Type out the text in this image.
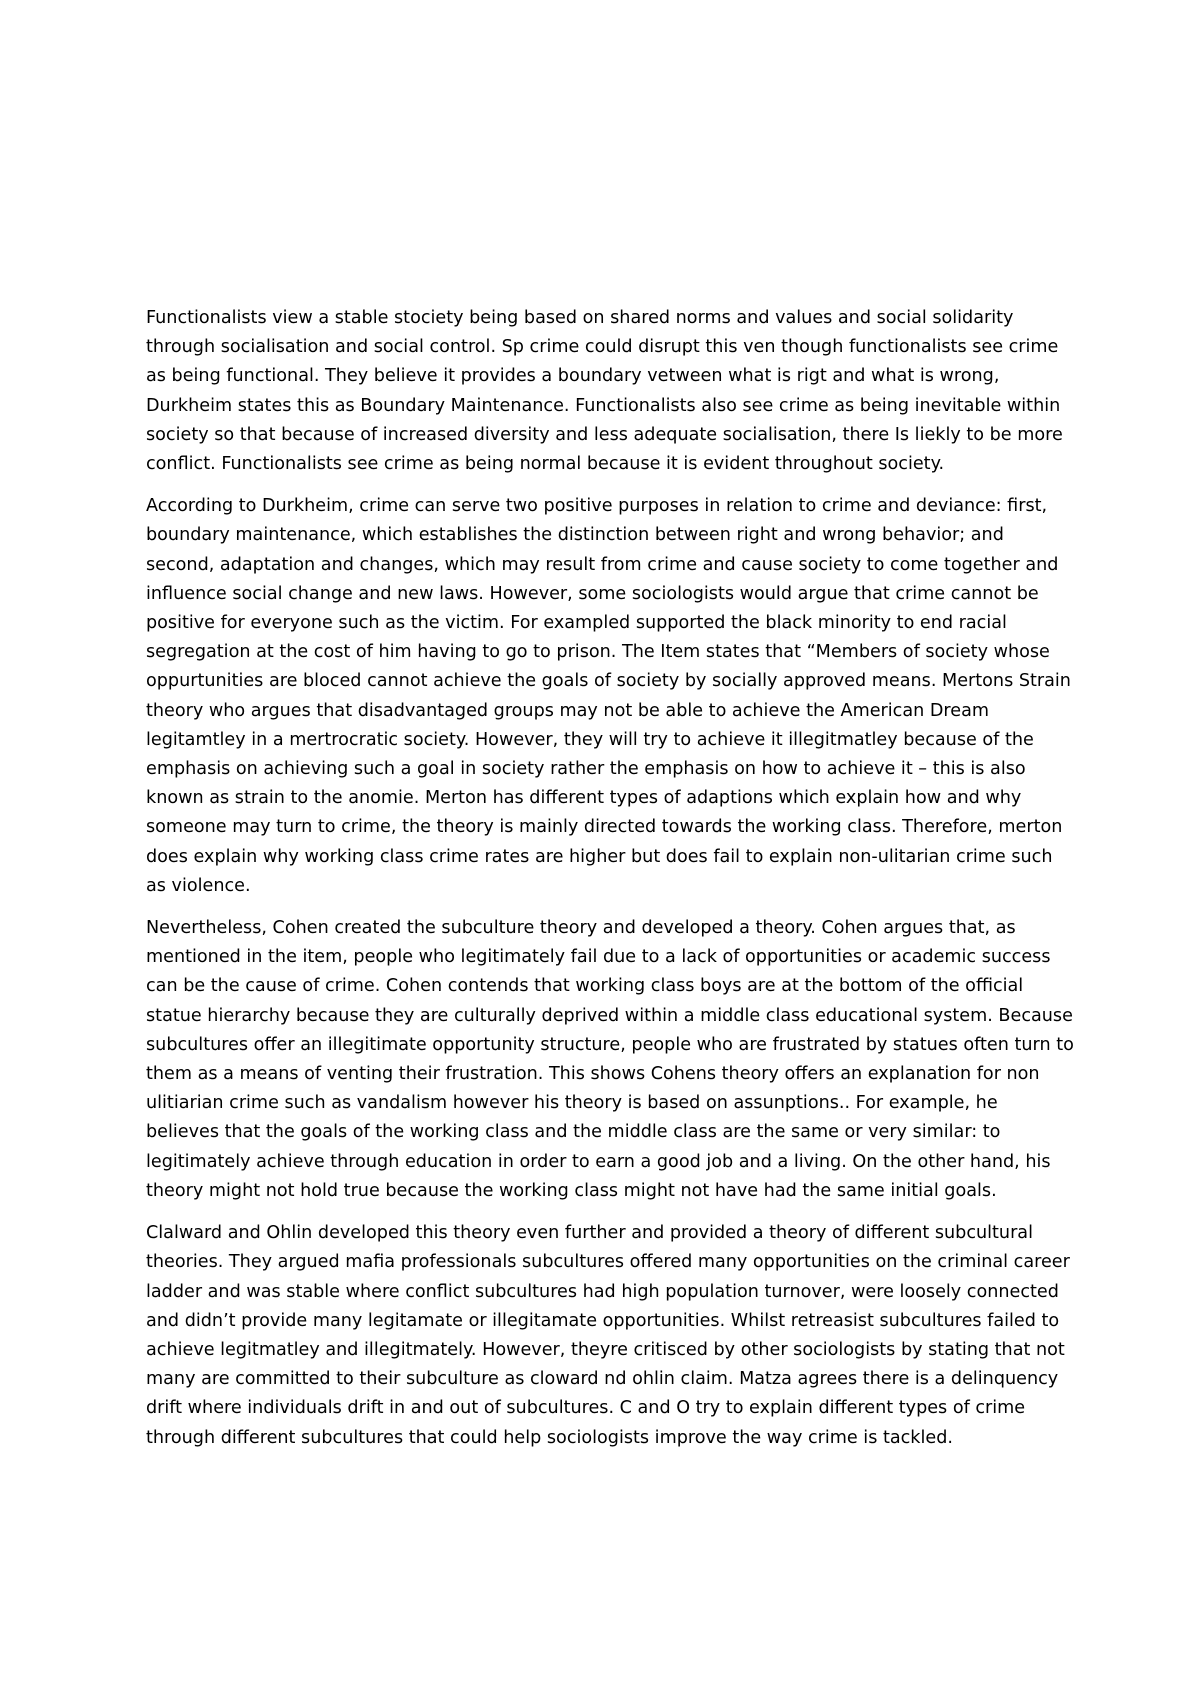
Functionalists view a stable stociety being based on shared norms and values and social solidarity through socialisation and social control. Sp crime could disrupt this ven though functionalists see crime as being functional. They believe it provides a boundary vetween what is rigt and what is wrong, Durkheim states this as Boundary Maintenance. Functionalists also see crime as being inevitable within society so that because of increased diversity and less adequate socialisation, there Is liekly to be more conflict. Functionalists see crime as being normal because it is evident throughout society.

According to Durkheim, crime can serve two positive purposes in relation to crime and deviance: first, boundary maintenance, which establishes the distinction between right and wrong behavior; and second, adaptation and changes, which may result from crime and cause society to come together and influence social change and new laws. However, some sociologists would argue that crime cannot be positive for everyone such as the victim. For exampled supported the black minority to end racial segregation at the cost of him having to go to prison. The Item states that “Members of society whose oppurtunities are bloced cannot achieve the goals of society by socially approved means. Mertons Strain theory who argues that disadvantaged groups may not be able to achieve the American Dream legitamtley in a mertrocratic society. However, they will try to achieve it illegitmatley because of the emphasis on achieving such a goal in society rather the emphasis on how to achieve it – this is also known as strain to the anomie. Merton has different types of adaptions which explain how and why someone may turn to crime, the theory is mainly directed towards the working class. Therefore, merton does explain why working class crime rates are higher but does fail to explain non-ulitarian crime such as violence.

Nevertheless, Cohen created the subculture theory and developed a theory. Cohen argues that, as mentioned in the item, people who legitimately fail due to a lack of opportunities or academic success can be the cause of crime. Cohen contends that working class boys are at the bottom of the official statue hierarchy because they are culturally deprived within a middle class educational system. Because subcultures offer an illegitimate opportunity structure, people who are frustrated by statues often turn to them as a means of venting their frustration. This shows Cohens theory offers an explanation for non ulitiarian crime such as vandalism however his theory is based on assunptions.. For example, he believes that the goals of the working class and the middle class are the same or very similar: to legitimately achieve through education in order to earn a good job and a living. On the other hand, his theory might not hold true because the working class might not have had the same initial goals.

Clalward and Ohlin developed this theory even further and provided a theory of different subcultural theories. They argued mafia professionals subcultures offered many opportunities on the criminal career ladder and was stable where conflict subcultures had high population turnover, were loosely connected and didn’t provide many legitamate or illegitamate opportunities. Whilst retreasist subcultures failed to achieve legitmatley and illegitmately. However, theyre critisced by other sociologists by stating that not many are committed to their subculture as cloward nd ohlin claim. Matza agrees there is a delinquency drift where individuals drift in and out of subcultures. C and O try to explain different types of crime through different subcultures that could help sociologists improve the way crime is tackled.
